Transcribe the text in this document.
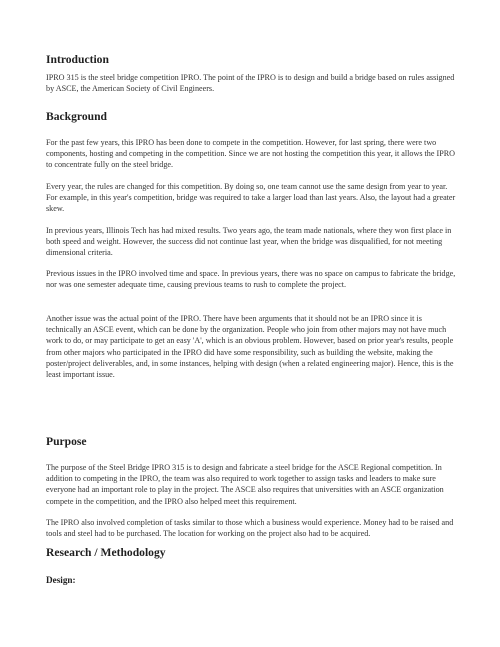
Introduction

IPRO 315 is the steel bridge competition IPRO. The point of the IPRO is to design and build a bridge based on rules assigned by ASCE, the American Society of Civil Engineers.

Background

For the past few years, this IPRO has been done to compete in the competition. However, for last spring, there were two components, hosting and competing in the competition. Since we are not hosting the competition this year, it allows the IPRO to concentrate fully on the steel bridge.

Every year, the rules are changed for this competition. By doing so, one team cannot use the same design from year to year. For example, in this year's competition, bridge was required to take a larger load than last years. Also, the layout had a greater skew.

In previous years, Illinois Tech has had mixed results. Two years ago, the team made nationals, where they won first place in both speed and weight. However, the success did not continue last year, when the bridge was disqualified, for not meeting dimensional criteria.

Previous issues in the IPRO involved time and space. In previous years, there was no space on campus to fabricate the bridge, nor was one semester adequate time, causing previous teams to rush to complete the project.

Another issue was the actual point of the IPRO. There have been arguments that it should not be an IPRO since it is technically an ASCE event, which can be done by the organization. People who join from other majors may not have much work to do, or may participate to get an easy 'A', which is an obvious problem. However, based on prior year's results, people from other majors who participated in the IPRO did have some responsibility, such as building the website, making the poster/project deliverables, and, in some instances, helping with design (when a related engineering major). Hence, this is the least important issue.

Purpose

The purpose of the Steel Bridge IPRO 315 is to design and fabricate a steel bridge for the ASCE Regional competition. In addition to competing in the IPRO, the team was also required to work together to assign tasks and leaders to make sure everyone had an important role to play in the project. The ASCE also requires that universities with an ASCE organization compete in the competition, and the IPRO also helped meet this requirement.

The IPRO also involved completion of tasks similar to those which a business would experience. Money had to be raised and tools and steel had to be purchased. The location for working on the project also had to be acquired.

Research / Methodology
Design:
